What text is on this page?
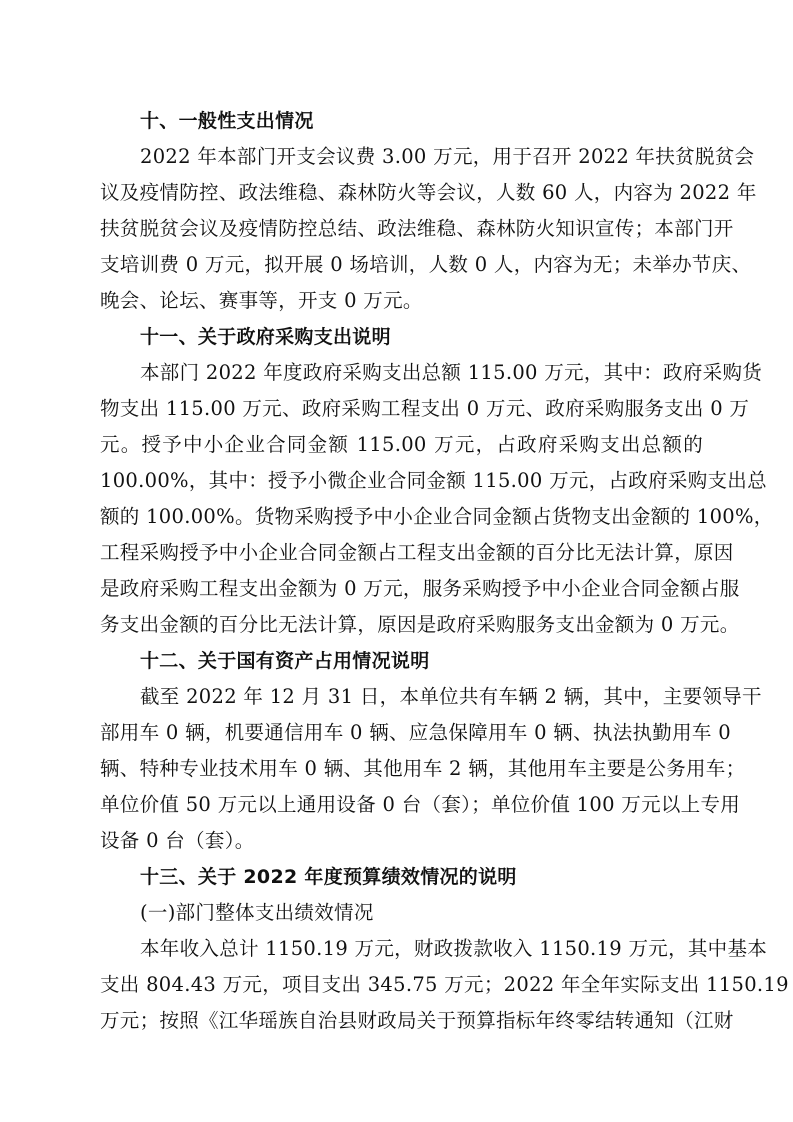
十、一般性支出情况
2022 年本部门开支会议费 3.00 万元，用于召开 2022 年扶贫脱贫会
议及疫情防控、政法维稳、森林防火等会议，人数 60 人，内容为 2022 年
扶贫脱贫会议及疫情防控总结、政法维稳、森林防火知识宣传；本部门开
支培训费 0 万元，拟开展 0 场培训，人数 0 人，内容为无；未举办节庆、
晚会、论坛、赛事等，开支 0 万元。
十一、关于政府采购支出说明
本部门 2022 年度政府采购支出总额 115.00 万元，其中：政府采购货
物支出 115.00 万元、政府采购工程支出 0 万元、政府采购服务支出 0 万
元。授予中小企业合同金额 115.00 万元，占政府采购支出总额的
100.00%，其中：授予小微企业合同金额 115.00 万元，占政府采购支出总
额的 100.00%。货物采购授予中小企业合同金额占货物支出金额的 100%，
工程采购授予中小企业合同金额占工程支出金额的百分比无法计算，原因
是政府采购工程支出金额为 0 万元，服务采购授予中小企业合同金额占服
务支出金额的百分比无法计算，原因是政府采购服务支出金额为 0 万元。
十二、关于国有资产占用情况说明
截至 2022 年 12 月 31 日，本单位共有车辆 2 辆，其中，主要领导干
部用车 0 辆，机要通信用车 0 辆、应急保障用车 0 辆、执法执勤用车 0
辆、特种专业技术用车 0 辆、其他用车 2 辆，其他用车主要是公务用车；
单位价值 50 万元以上通用设备 0 台（套）；单位价值 100 万元以上专用
设备 0 台（套）。
十三、关于 2022 年度预算绩效情况的说明
(一)部门整体支出绩效情况
本年收入总计 1150.19 万元，财政拨款收入 1150.19 万元，其中基本
支出 804.43 万元，项目支出 345.75 万元；2022 年全年实际支出 1150.19
万元；按照《江华瑶族自治县财政局关于预算指标年终零结转通知（江财
